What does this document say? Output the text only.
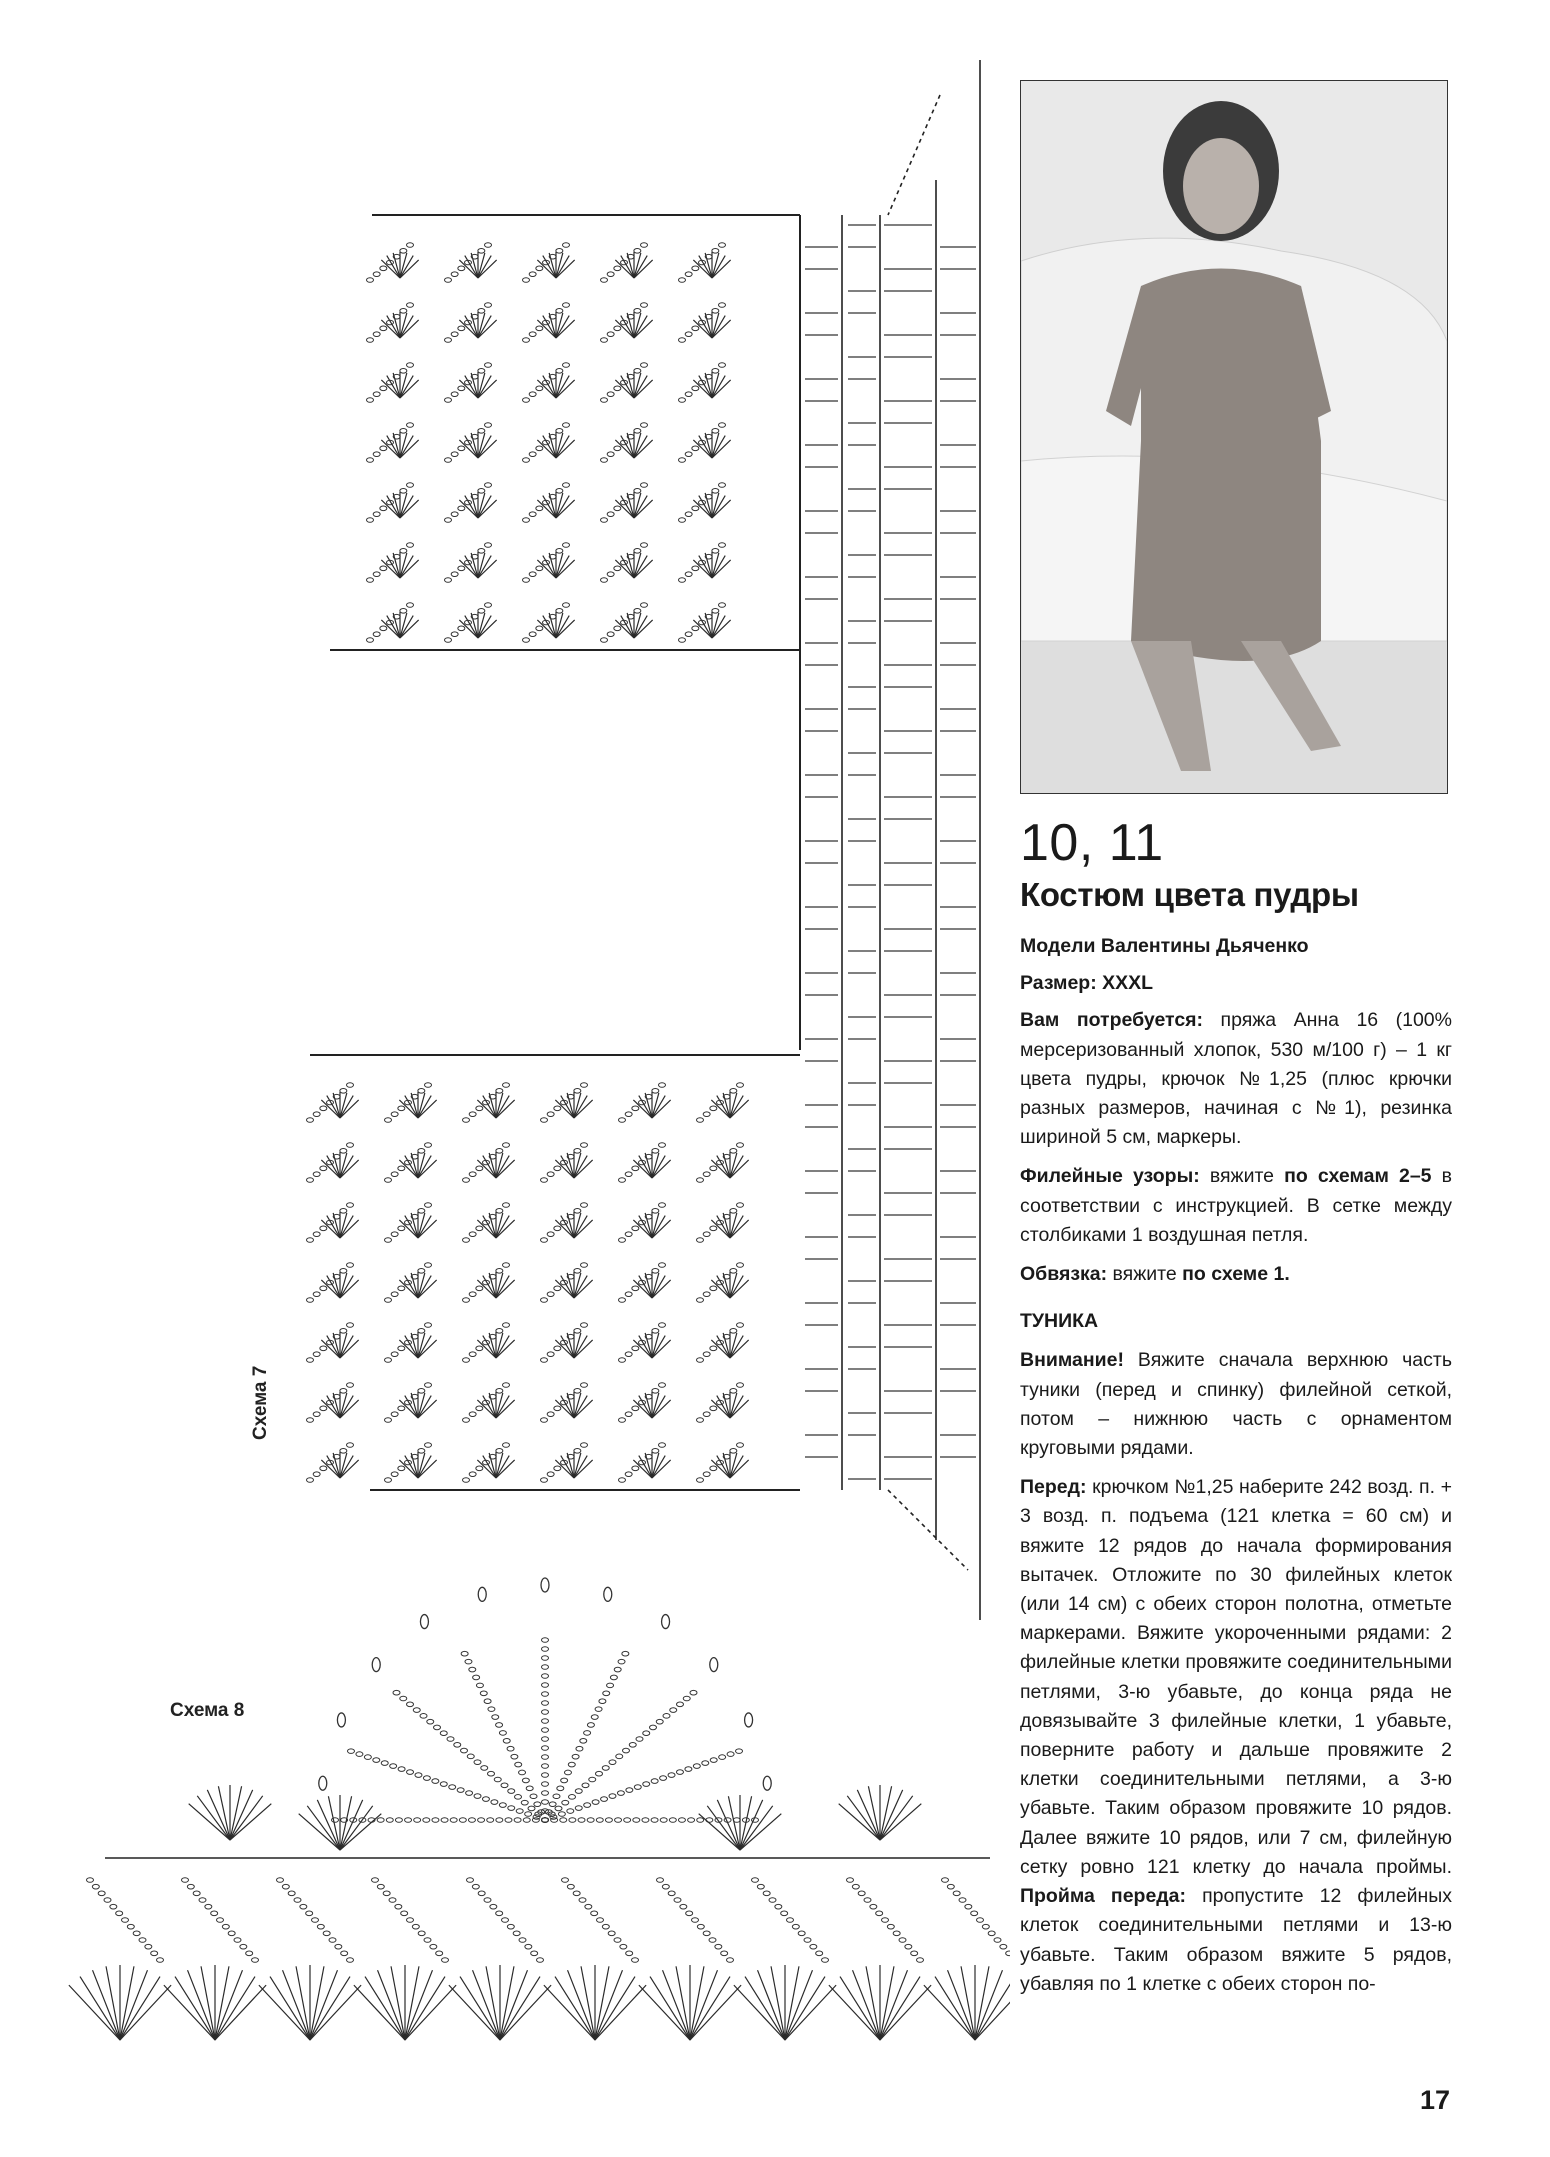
Схема 7
Схема 8
10, 11
Костюм цвета пудры
Модели Валентины Дьяченко
Размер: XXXL

Вам потребуется: пряжа Анна 16 (100% мерсеризованный хлопок, 530 м/100 г) – 1 кг цвета пудры, крючок №1,25 (плюс крючки разных размеров, начиная с №1), резинка шириной 5 см, маркеры.

Филейные узоры: вяжите по схемам 2–5 в соответствии с инструкцией. В сетке между столбиками 1 воздушная петля.

Обвязка: вяжите по схеме 1.

ТУНИКА

Внимание! Вяжите сначала верхнюю часть туники (перед и спинку) филейной сеткой, потом – нижнюю часть с орнаментом круговыми рядами.

Перед: крючком №1,25 наберите 242 возд. п. + 3 возд. п. подъема (121 клетка = 60 см) и вяжите 12 рядов до начала формирования вытачек. Отложите по 30 филейных клеток (или 14 см) с обеих сторон полотна, отметьте маркерами. Вяжите укороченными рядами: 2 филейные клетки провяжите соединительными петлями, 3-ю убавьте, до конца ряда не довязывайте 3 филейные клетки, 1 убавьте, поверните работу и дальше провяжите 2 клетки соединительными петлями, а 3-ю убавьте. Таким образом провяжите 10 рядов. Далее вяжите 10 рядов, или 7 см, филейную сетку ровно 121 клетку до начала проймы. Пройма переда: пропустите 12 филейных клеток соединительными петлями и 13-ю убавьте. Таким образом вяжите 5 рядов, убавляя по 1 клетке с обеих сторон по-

17
